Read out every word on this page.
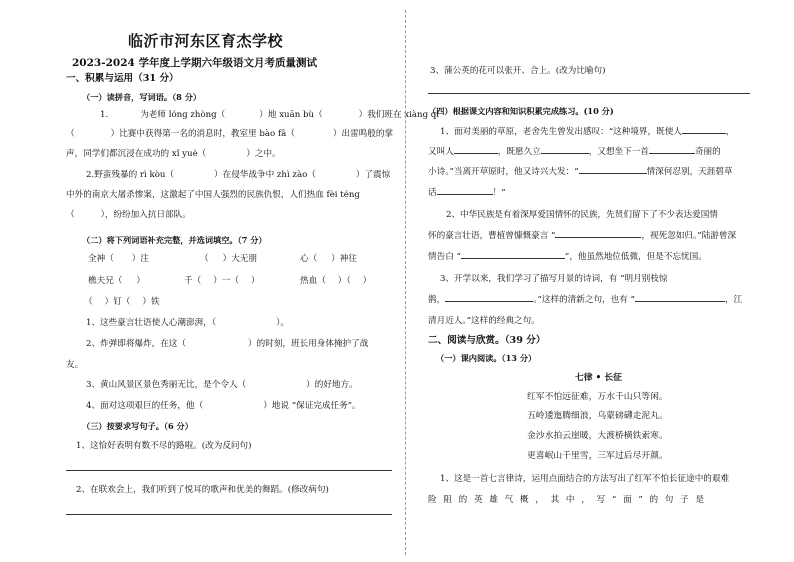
临沂市河东区育杰学校
2023-2024 学年度上学期六年级语文月考质量测试
一、积累与运用（31 分）
（一）读拼音，写词语。（8 分）
1.	为老师 lóng zhòng（	）地 xuān bù（	）我们班在 xiàng qí
（	）比赛中获得第一名的消息时，教室里 bào fā（	）出雷鸣般的掌
声，同学们都沉浸在成功的 xǐ yuè（	）之中。
2.野蛮残暴的 rì kòu（	）在侵华战争中 zhì zào（	）了震惊
中外的南京大屠杀惨案，这激起了中国人强烈的民族仇恨，人们热血 fèi téng
（	），纷纷加入抗日部队。
（二）将下列词语补充完整，并选词填空。（7 分）
全神（ ）注	（ ）大无朋	心（ ）神往
樵夫兄（ ）	千（ ）一（ ）	热血（ ）（ ）
（ ）钉（ ）铁
1、这些豪言壮语使人心潮澎湃，（	）。
2、炸弹即将爆炸，在这（	）的时刻，班长用身体掩护了战
友。
3、黄山风景区景色秀丽无比，是个令人（	）的好地方。
4、面对这项艰巨的任务，他（	）地说 “保证完成任务”。
（三）按要求写句子。（6 分）
1、这恰好表明有数不尽的路啦。(改为反问句)
2、在联欢会上，我们听到了悦耳的歌声和优美的舞蹈。(修改病句)
3、蒲公英的花可以张开、合上。(改为比喻句)
（四）根据课文内容和知识积累完成练习。(10 分)
1、面对美丽的草原，老舍先生曾发出感叹：“这种境界，既使人	，
又叫人	，既愿久立	，又想坐下一首	奇丽的
小诗。”当离开草原时，他又诗兴大发：“	情深何忍别，天涯碧草
话	！”
2、中华民族是有着深厚爱国情怀的民族，先贤们留下了不少表达爱国情
怀的豪言壮语，曹植曾慷慨豪言 “	，视死忽如归。”陆游曾深
情告白 “	”，他虽然地位低微，但是不忘忧国。
3、开学以来，我们学习了描写月景的诗词，有 “明月别枝惊
鹊，	。”这样的清新之句，也有 “	，江
清月近人。”这样的经典之句。
二、阅读与欣赏。（39 分）
（一）课内阅读。（13 分）
七律 • 长征
红军不怕远征难，万水千山只等闲。
五岭逶迤腾细浪，乌蒙磅礴走泥丸。
金沙水拍云崖暖，大渡桥横铁索寒。
更喜岷山千里雪，三军过后尽开颜。
1、这是一首七言律诗，运用点面结合的方法写出了红军不怕长征途中的艰难
险 阻 的 英 雄 气 概 ， 其 中 ， 写 “ 面 ” 的 句 子 是
